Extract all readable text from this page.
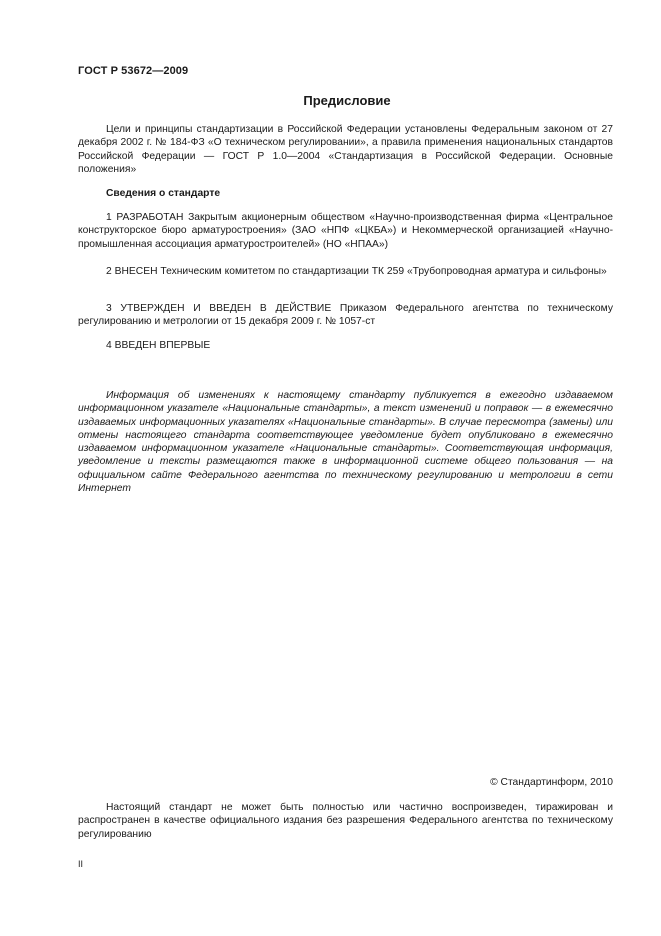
ГОСТ Р 53672—2009
Предисловие

Цели и принципы стандартизации в Российской Федерации установлены Федеральным законом от 27 декабря 2002 г. № 184-ФЗ «О техническом регулировании», а правила применения национальных стандартов Российской Федерации — ГОСТ Р 1.0—2004 «Стандартизация в Российской Федерации. Основные положения»

Сведения о стандарте

1 РАЗРАБОТАН Закрытым акционерным обществом «Научно-производственная фирма «Центральное конструкторское бюро арматуростроения» (ЗАО «НПФ «ЦКБА») и Некоммерческой организацией «Научно-промышленная ассоциация арматуростроителей» (НО «НПАА»)

2 ВНЕСЕН Техническим комитетом по стандартизации ТК 259 «Трубопроводная арматура и сильфоны»

3 УТВЕРЖДЕН И ВВЕДЕН В ДЕЙСТВИЕ Приказом Федерального агентства по техническому регулированию и метрологии от 15 декабря 2009 г. № 1057-ст

4 ВВЕДЕН ВПЕРВЫЕ

Информация об изменениях к настоящему стандарту публикуется в ежегодно издаваемом информационном указателе «Национальные стандарты», а текст изменений и поправок — в ежемесячно издаваемых информационных указателях «Национальные стандарты». В случае пересмотра (замены) или отмены настоящего стандарта соответствующее уведомление будет опубликовано в ежемесячно издаваемом информационном указателе «Национальные стандарты». Соответствующая информация, уведомление и тексты размещаются также в информационной системе общего пользования — на официальном сайте Федерального агентства по техническому регулированию и метрологии в сети Интернет

© Стандартинформ, 2010

Настоящий стандарт не может быть полностью или частично воспроизведен, тиражирован и распространен в качестве официального издания без разрешения Федерального агентства по техническому регулированию

II
